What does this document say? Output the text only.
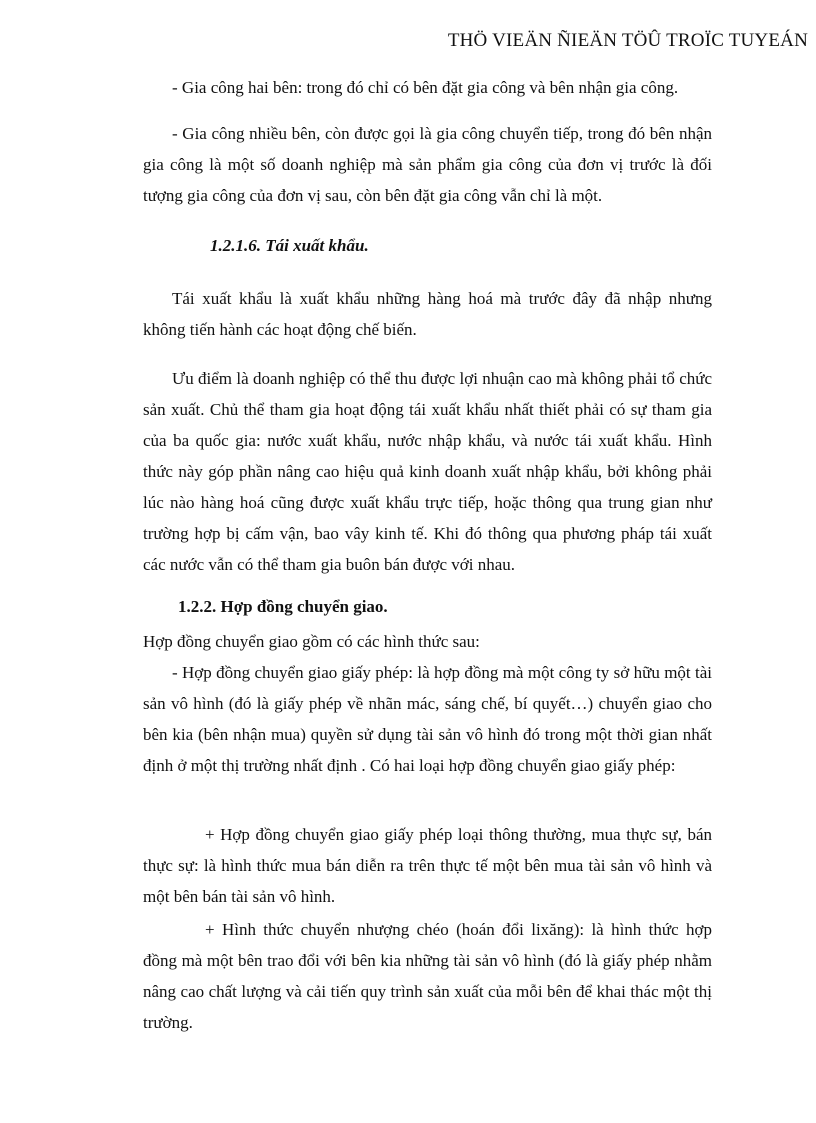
THÖ VIEÄN ÑIEÄN TÖÛ TROÏC TUYEÁN

- Gia công hai bên: trong đó chỉ có bên đặt gia công và bên nhận gia công.

- Gia công nhiều bên, còn được gọi là gia công chuyển tiếp, trong đó bên nhận gia công là một số doanh nghiệp mà sản phẩm gia công của đơn vị trước là đối tượng gia công của đơn vị sau, còn bên đặt gia công vẫn chỉ là một.

1.2.1.6. Tái xuất khẩu.

Tái xuất khẩu là xuất khẩu những hàng hoá mà trước đây đã nhập nhưng không tiến hành các hoạt động chế biến.

Ưu điểm là doanh nghiệp có thể thu được lợi nhuận cao mà không phải tổ chức sản xuất. Chủ thể tham gia hoạt động tái xuất khẩu nhất thiết phải có sự tham gia của ba quốc gia: nước xuất khẩu, nước nhập khẩu, và nước tái xuất khẩu. Hình thức này góp phần nâng cao hiệu quả kinh doanh xuất nhập khẩu, bởi không phải lúc nào hàng hoá cũng được xuất khẩu trực tiếp, hoặc thông qua trung gian như trường hợp bị cấm vận, bao vây kinh tế. Khi đó thông qua phương pháp tái xuất các nước vẫn có thể tham gia buôn bán được với nhau.

1.2.2. Hợp đồng chuyển giao.

Hợp đồng chuyển giao gồm có các hình thức sau:

- Hợp đồng chuyển giao giấy phép: là hợp đồng mà một công ty sở hữu một tài sản vô hình (đó là giấy phép về nhãn mác, sáng chế, bí quyết…) chuyển giao cho bên kia (bên nhận mua) quyền sử dụng tài sản vô hình đó trong một thời gian nhất định ở một thị trường nhất định . Có hai loại hợp đồng chuyển giao giấy phép:

+ Hợp đồng chuyển giao giấy phép loại thông thường, mua thực sự, bán thực sự: là hình thức mua bán diễn ra trên thực tế một bên mua tài sản vô hình và một bên bán tài sản vô hình.

+ Hình thức chuyển nhượng chéo (hoán đổi lixăng): là hình thức hợp đồng mà một bên trao đổi với bên kia những tài sản vô hình (đó là giấy phép nhằm nâng cao chất lượng và cải tiến quy trình sản xuất của mỗi bên để khai thác một thị trường.
